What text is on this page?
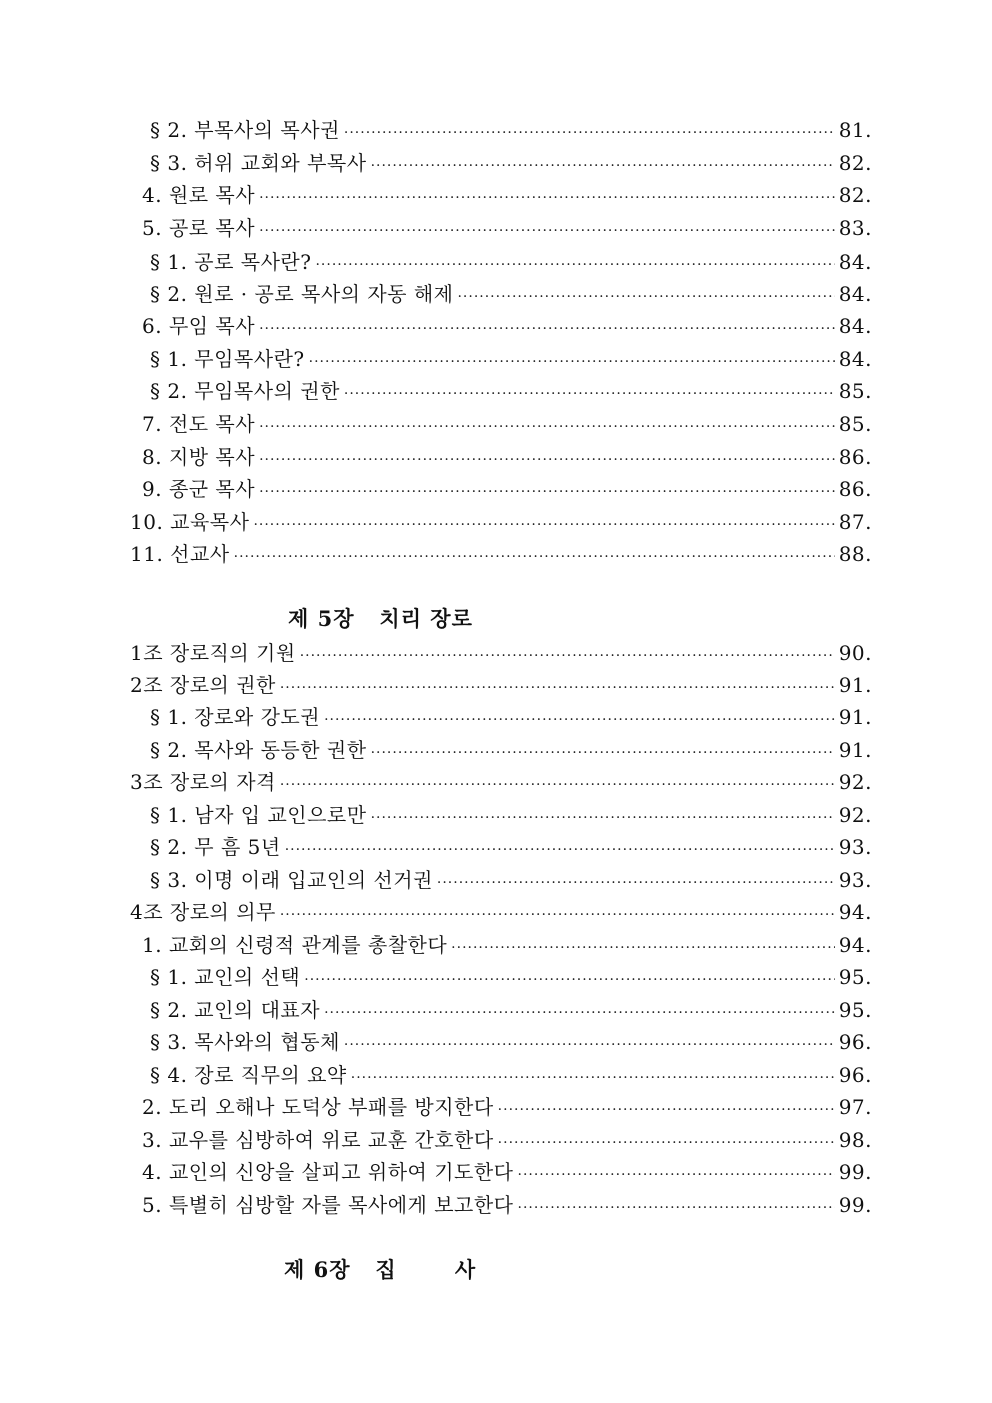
§ 2. 부목사의 목사권 ·····	81.
§ 3. 허위 교회와 부목사 ·····	82.
4. 원로 목사 ·····	82.
5. 공로 목사 ·····	83.
§ 1. 공로 목사란? ·····	84.
§ 2. 원로 · 공로 목사의 자동 해제 ·····	84.
6. 무임 목사 ·····	84.
§ 1. 무임목사란? ·····	84.
§ 2. 무임목사의 권한 ·····	85.
7. 전도 목사 ·····	85.
8. 지방 목사 ·····	86.
9. 종군 목사 ·····	86.
10. 교육목사 ·····	87.
11. 선교사 ·····	88.
제 5장   치리 장로
1조 장로직의 기원 ·····	90.
2조 장로의 권한 ·····	91.
§ 1. 장로와 강도권 ·····	91.
§ 2. 목사와 동등한 권한 ·····	91.
3조 장로의 자격 ·····	92.
§ 1. 남자 입 교인으로만 ·····	92.
§ 2. 무 흠 5년 ·····	93.
§ 3. 이명 이래 입교인의 선거권 ·····	93.
4조 장로의 의무 ·····	94.
1. 교회의 신령적 관계를 총찰한다 ·····	94.
§ 1. 교인의 선택 ·····	95.
§ 2. 교인의 대표자 ·····	95.
§ 3. 목사와의 협동체 ·····	96.
§ 4. 장로 직무의 요약 ·····	96.
2. 도리 오해나 도덕상 부패를 방지한다 ·····	97.
3. 교우를 심방하여 위로 교훈 간호한다 ·····	98.
4. 교인의 신앙을 살피고 위하여 기도한다 ·····	99.
5. 특별히 심방할 자를 목사에게 보고한다 ·····	99.
제 6장   집       사
